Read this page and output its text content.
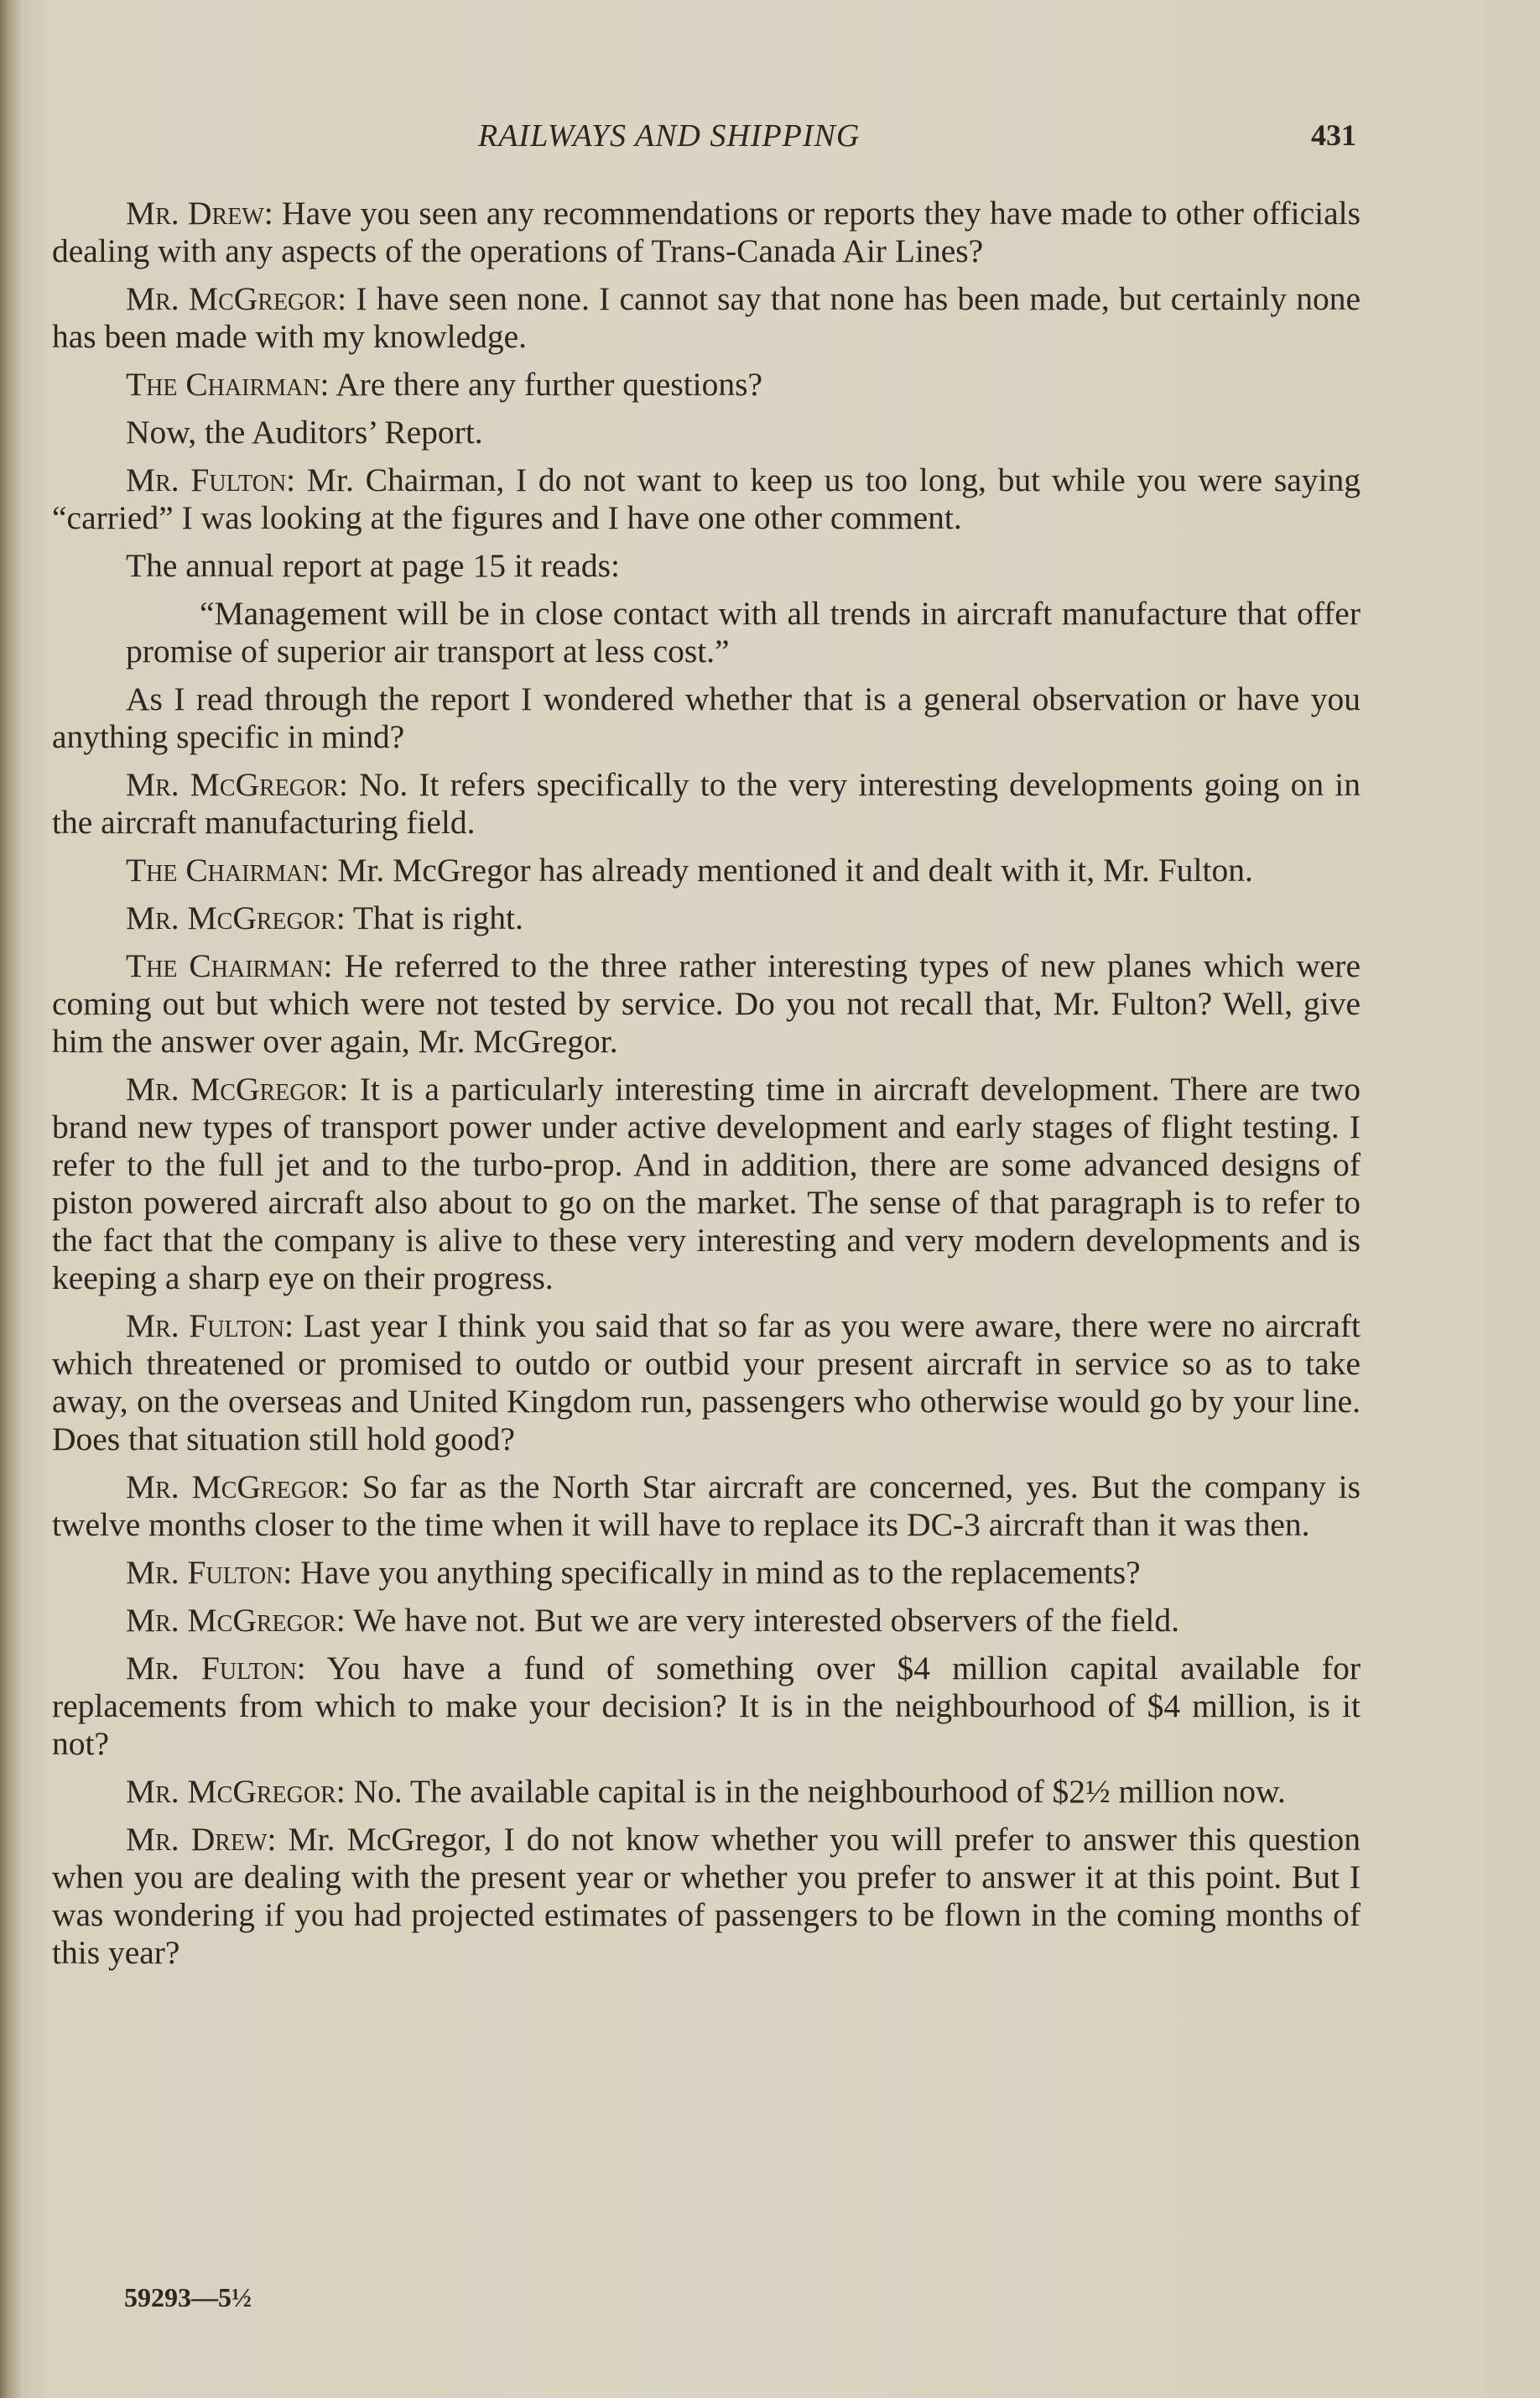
RAILWAYS AND SHIPPING	431

Mr. Drew: Have you seen any recommendations or reports they have made to other officials dealing with any aspects of the operations of Trans-Canada Air Lines?

Mr. McGregor: I have seen none. I cannot say that none has been made, but certainly none has been made with my knowledge.

The Chairman: Are there any further questions?

Now, the Auditors’ Report.

Mr. Fulton: Mr. Chairman, I do not want to keep us too long, but while you were saying “carried” I was looking at the figures and I have one other comment.

The annual report at page 15 it reads:

“Management will be in close contact with all trends in aircraft manufacture that offer promise of superior air transport at less cost.”

As I read through the report I wondered whether that is a general observation or have you anything specific in mind?

Mr. McGregor: No. It refers specifically to the very interesting developments going on in the aircraft manufacturing field.

The Chairman: Mr. McGregor has already mentioned it and dealt with it, Mr. Fulton.

Mr. McGregor: That is right.

The Chairman: He referred to the three rather interesting types of new planes which were coming out but which were not tested by service. Do you not recall that, Mr. Fulton? Well, give him the answer over again, Mr. McGregor.

Mr. McGregor: It is a particularly interesting time in aircraft development. There are two brand new types of transport power under active development and early stages of flight testing. I refer to the full jet and to the turbo-prop. And in addition, there are some advanced designs of piston powered aircraft also about to go on the market. The sense of that paragraph is to refer to the fact that the company is alive to these very interesting and very modern developments and is keeping a sharp eye on their progress.

Mr. Fulton: Last year I think you said that so far as you were aware, there were no aircraft which threatened or promised to outdo or outbid your present aircraft in service so as to take away, on the overseas and United Kingdom run, passengers who otherwise would go by your line. Does that situation still hold good?

Mr. McGregor: So far as the North Star aircraft are concerned, yes. But the company is twelve months closer to the time when it will have to replace its DC-3 aircraft than it was then.

Mr. Fulton: Have you anything specifically in mind as to the replacements?

Mr. McGregor: We have not. But we are very interested observers of the field.

Mr. Fulton: You have a fund of something over $4 million capital available for replacements from which to make your decision? It is in the neighbourhood of $4 million, is it not?

Mr. McGregor: No. The available capital is in the neighbourhood of $2½ million now.

Mr. Drew: Mr. McGregor, I do not know whether you will prefer to answer this question when you are dealing with the present year or whether you prefer to answer it at this point. But I was wondering if you had projected estimates of passengers to be flown in the coming months of this year?

59293—5½
